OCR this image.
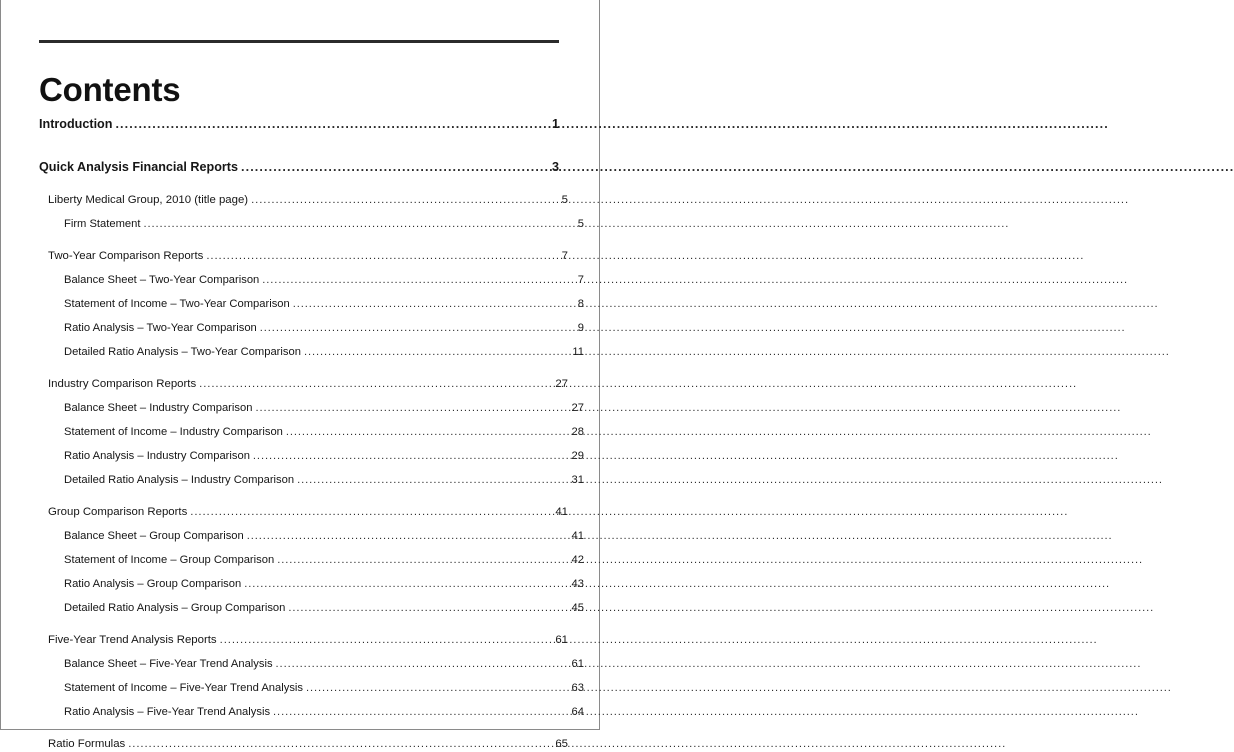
Contents
Introduction .....	1
Quick Analysis Financial Reports .....	3
Liberty Medical Group, 2010 (title page) .....	5
Firm Statement .....	5
Two-Year Comparison Reports .....	7
Balance Sheet – Two-Year Comparison .....	7
Statement of Income – Two-Year Comparison .....	8
Ratio Analysis – Two-Year Comparison .....	9
Detailed Ratio Analysis – Two-Year Comparison .....	11
Industry Comparison Reports .....	27
Balance Sheet – Industry Comparison .....	27
Statement of Income – Industry Comparison .....	28
Ratio Analysis – Industry Comparison .....	29
Detailed Ratio Analysis – Industry Comparison .....	31
Group Comparison Reports .....	41
Balance Sheet – Group Comparison .....	41
Statement of Income – Group Comparison .....	42
Ratio Analysis – Group Comparison .....	43
Detailed Ratio Analysis – Group Comparison .....	45
Five-Year Trend Analysis Reports .....	61
Balance Sheet – Five-Year Trend Analysis .....	61
Statement of Income – Five-Year Trend Analysis .....	63
Ratio Analysis – Five-Year Trend Analysis .....	64
Ratio Formulas .....	65
